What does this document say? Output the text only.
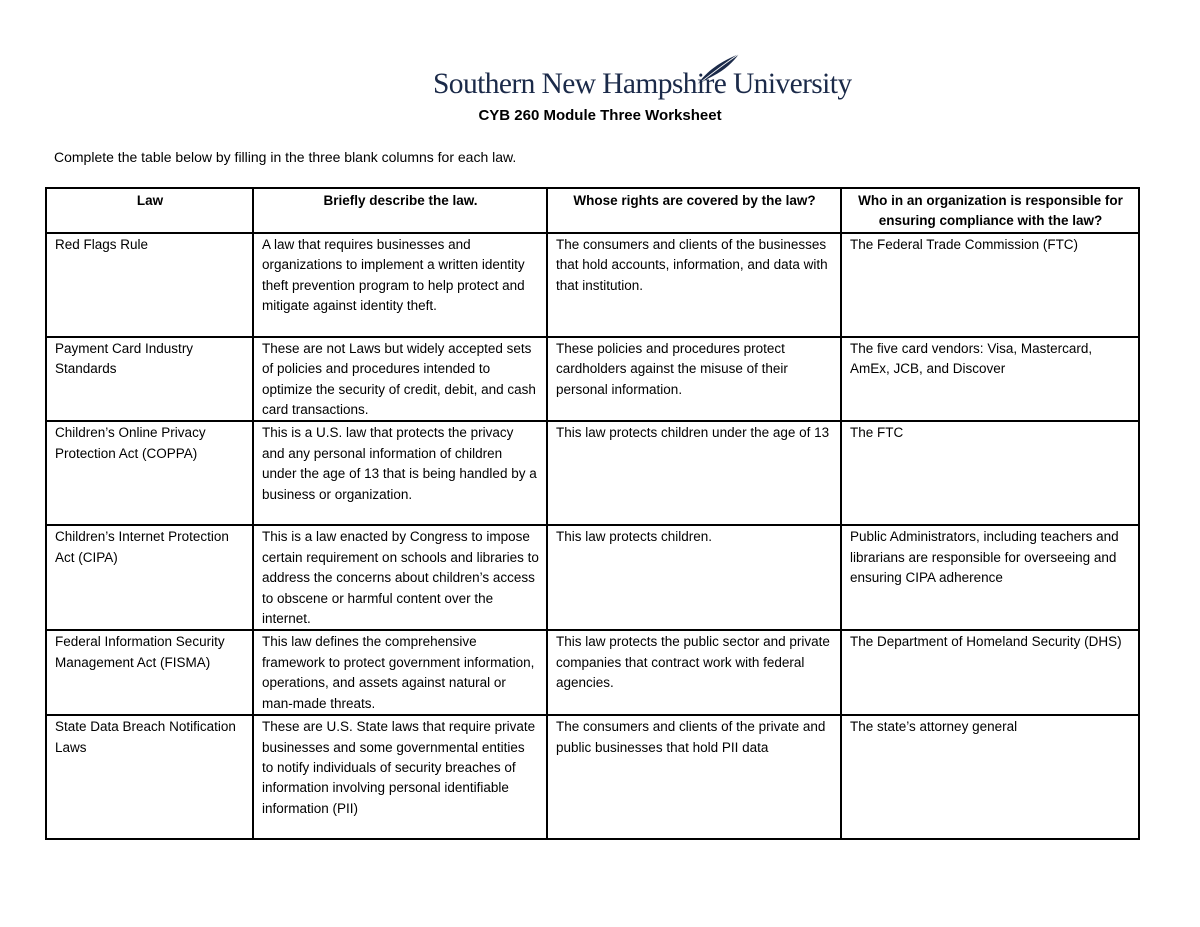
Southern New Hampshire University
CYB 260 Module Three Worksheet
Complete the table below by filling in the three blank columns for each law.
Law	Briefly describe the law.	Whose rights are covered by the law?	Who in an organization is responsible for ensuring compliance with the law?
Red Flags Rule	A law that requires businesses and organizations to implement a written identity theft prevention program to help protect and mitigate against identity theft.	The consumers and clients of the businesses that hold accounts, information, and data with that institution.	The Federal Trade Commission (FTC)
Payment Card Industry Standards	These are not Laws but widely accepted sets of policies and procedures intended to optimize the security of credit, debit, and cash card transactions.	These policies and procedures protect cardholders against the misuse of their personal information.	The five card vendors: Visa, Mastercard, AmEx, JCB, and Discover
Children’s Online Privacy Protection Act (COPPA)	This is a U.S. law that protects the privacy and any personal information of children under the age of 13 that is being handled by a business or organization.	This law protects children under the age of 13	The FTC
Children’s Internet Protection Act (CIPA)	This is a law enacted by Congress to impose certain requirement on schools and libraries to address the concerns about children’s access to obscene or harmful content over the internet.	This law protects children.	Public Administrators, including teachers and librarians are responsible for overseeing and ensuring CIPA adherence
Federal Information Security Management Act (FISMA)	This law defines the comprehensive framework to protect government information, operations, and assets against natural or man-made threats.	This law protects the public sector and private companies that contract work with federal agencies.	The Department of Homeland Security (DHS)
State Data Breach Notification Laws	These are U.S. State laws that require private businesses and some governmental entities to notify individuals of security breaches of information involving personal identifiable information (PII)	The consumers and clients of the private and public businesses that hold PII data	The state’s attorney general
